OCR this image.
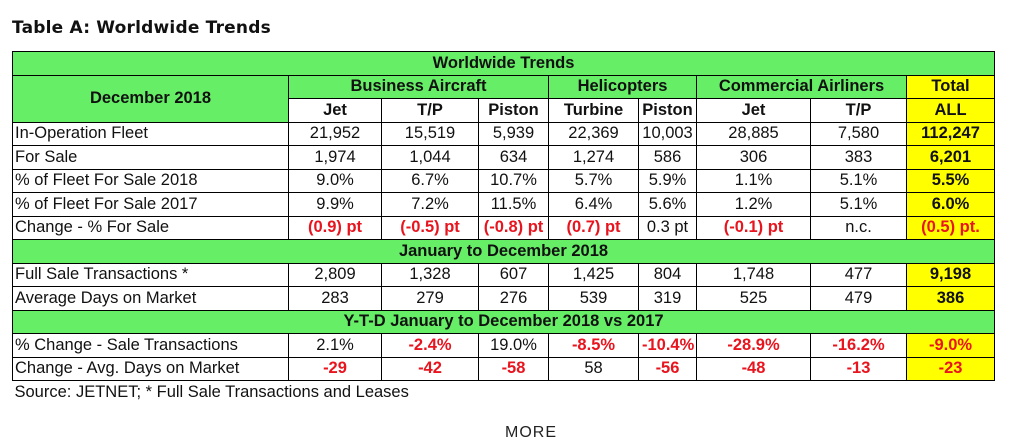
Table A: Worldwide Trends
Worldwide Trends								
December 2018	Business Aircraft			Helicopters		Commercial Airliners		Total
	Jet	T/P	Piston	Turbine	Piston	Jet	T/P	ALL
In-Operation Fleet	21,952	15,519	5,939	22,369	10,003	28,885	7,580	112,247
For Sale	1,974	1,044	634	1,274	586	306	383	6,201
% of Fleet For Sale 2018	9.0%	6.7%	10.7%	5.7%	5.9%	1.1%	5.1%	5.5%
% of Fleet For Sale 2017	9.9%	7.2%	11.5%	6.4%	5.6%	1.2%	5.1%	6.0%
Change - % For Sale	(0.9) pt	(-0.5) pt	(-0.8) pt	(0.7) pt	0.3 pt	(-0.1) pt	n.c.	(0.5) pt.
January to December 2018								
Full Sale Transactions *	2,809	1,328	607	1,425	804	1,748	477	9,198
Average Days on Market	283	279	276	539	319	525	479	386
Y-T-D January to December 2018 vs 2017								
% Change - Sale Transactions	2.1%	-2.4%	19.0%	-8.5%	-10.4%	-28.9%	-16.2%	-9.0%
Change - Avg. Days on Market	-29	-42	-58	58	-56	-48	-13	-23
Source: JETNET; * Full Sale Transactions and Leases								
MORE
